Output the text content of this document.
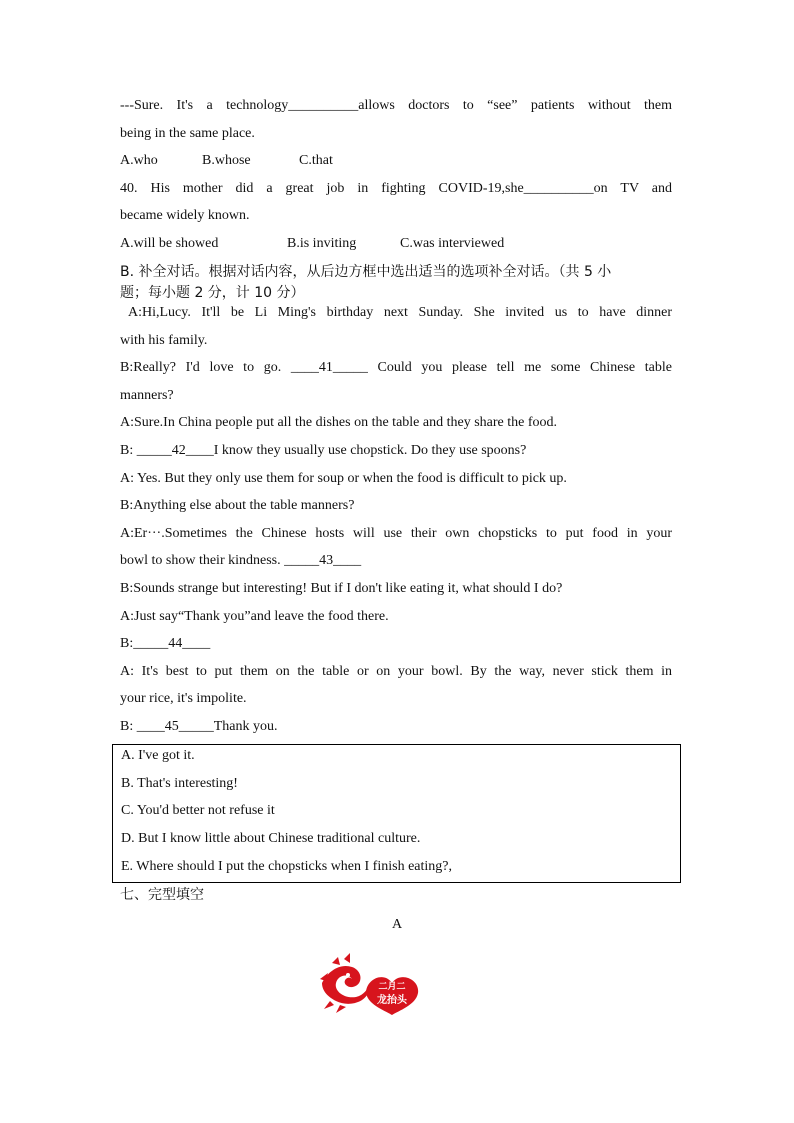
---Sure. It's a technology__________allows doctors to “see” patients without them
being in the same place.
A.who	B.whose	C.that
40. His mother did a great job in fighting COVID-19,she__________on TV and
became widely known.
A.will be showed	B.is inviting	C.was interviewed
B. 补全对话。根据对话内容，从后边方框中选出适当的选项补全对话。（共 5 小
题；每小题 2 分，计 10 分）
A:Hi,Lucy. It'll be Li Ming's birthday next Sunday. She invited us to have dinner
with his family.
B:Really? I'd love to go. ____41_____ Could you please tell me some Chinese table
manners?
A:Sure.In China people put all the dishes on the table and they share the food.
B: _____42____I know they usually use chopstick. Do they use spoons?
A: Yes. But they only use them for soup or when the food is difficult to pick up.
B:Anything else about the table manners?
A:Er···.Sometimes the Chinese hosts will use their own chopsticks to put food in your
bowl to show their kindness. _____43____
B:Sounds strange but interesting! But if I don't like eating it, what should I do?
A:Just say“Thank you”and leave the food there.
B:_____44____
A: It's best to put them on the table or on your bowl. By the way, never stick them in
your rice, it's impolite.
B: ____45_____Thank you.
A. I've got it.
B. That's interesting!
C. You'd better not refuse it
D. But I know little about Chinese traditional culture.
E. Where should I put the chopsticks when I finish eating?,
七、完型填空
A
二月二
龙抬头
